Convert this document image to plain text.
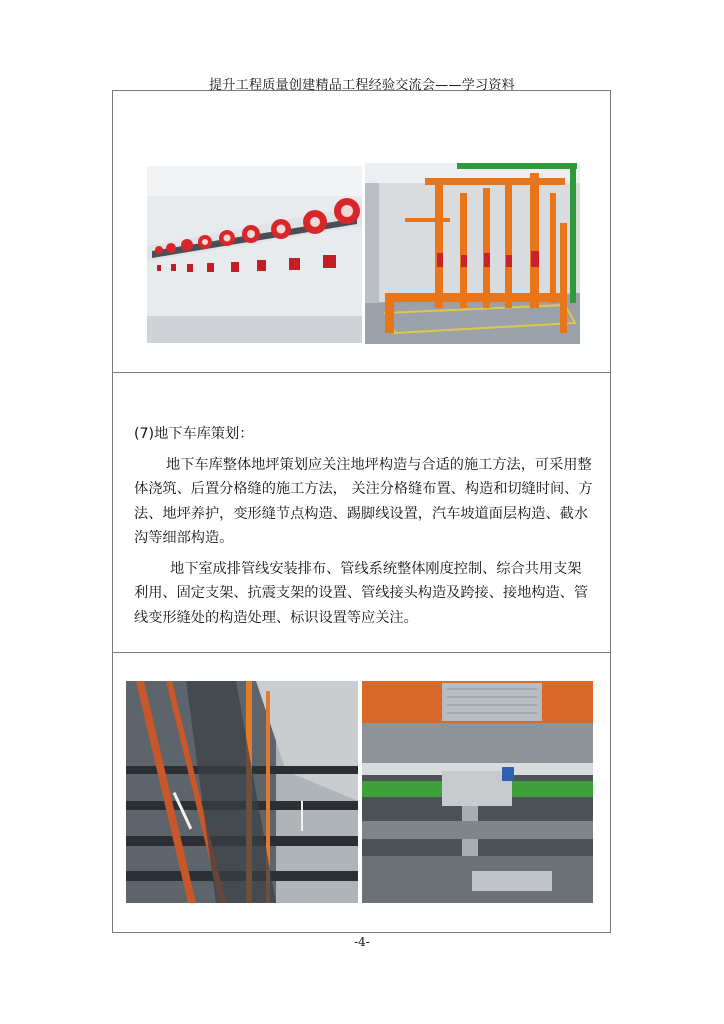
提升工程质量创建精品工程经验交流会——学习资料

(7)地下车库策划：

地下车库整体地坪策划应关注地坪构造与合适的施工方法，可采用整体浇筑、后置分格缝的施工方法， 关注分格缝布置、构造和切缝时间、方法、地坪养护，变形缝节点构造、踢脚线设置，汽车坡道面层构造、截水沟等细部构造。

地下室成排管线安装排布、管线系统整体刚度控制、综合共用支架利用、固定支架、抗震支架的设置、管线接头构造及跨接、接地构造、管线变形缝处的构造处理、标识设置等应关注。

-4-
